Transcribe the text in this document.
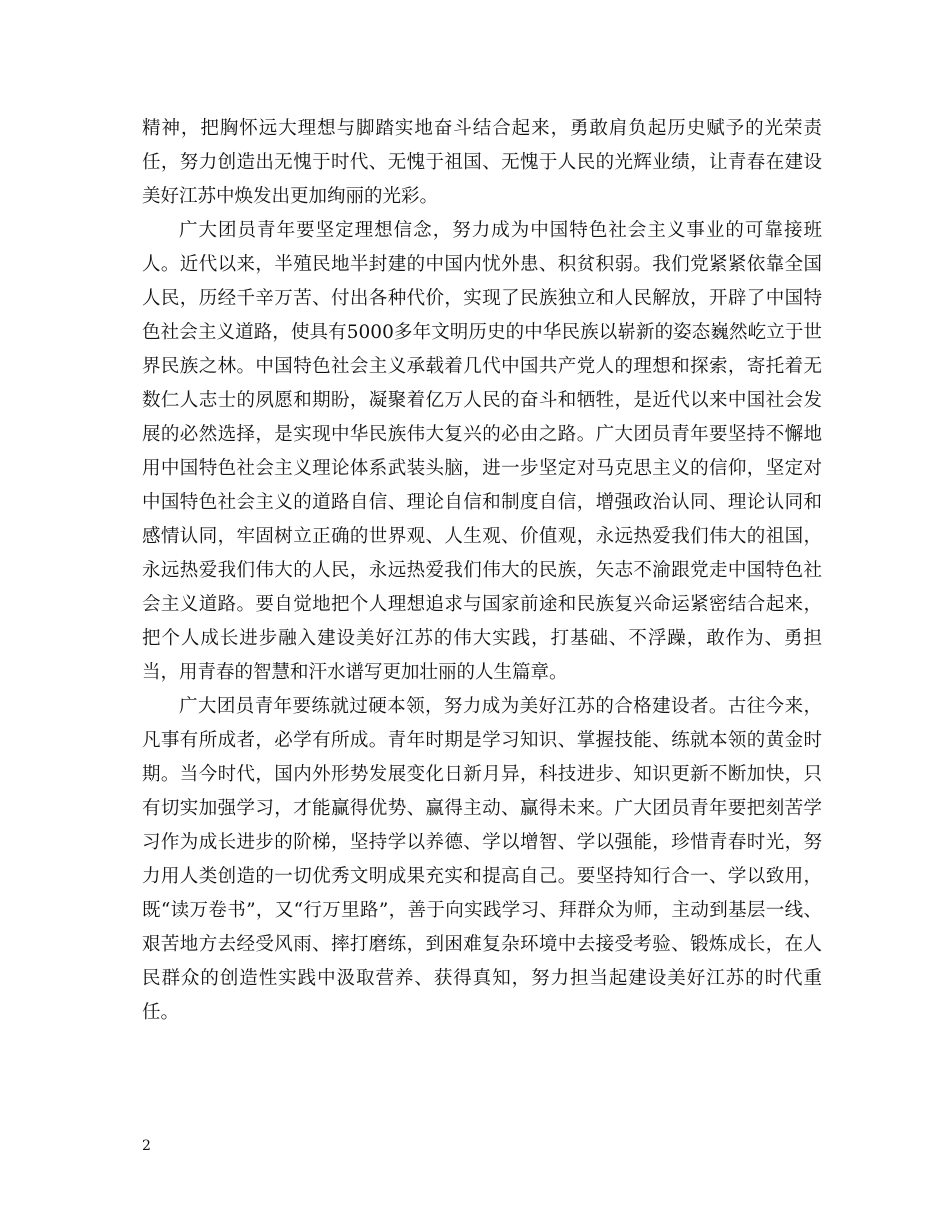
精神，把胸怀远大理想与脚踏实地奋斗结合起来，勇敢肩负起历史赋予的光荣责任，努力创造出无愧于时代、无愧于祖国、无愧于人民的光辉业绩，让青春在建设美好江苏中焕发出更加绚丽的光彩。

广大团员青年要坚定理想信念，努力成为中国特色社会主义事业的可靠接班人。近代以来，半殖民地半封建的中国内忧外患、积贫积弱。我们党紧紧依靠全国人民，历经千辛万苦、付出各种代价，实现了民族独立和人民解放，开辟了中国特色社会主义道路，使具有5000多年文明历史的中华民族以崭新的姿态巍然屹立于世界民族之林。中国特色社会主义承载着几代中国共产党人的理想和探索，寄托着无数仁人志士的夙愿和期盼，凝聚着亿万人民的奋斗和牺牲，是近代以来中国社会发展的必然选择，是实现中华民族伟大复兴的必由之路。广大团员青年要坚持不懈地用中国特色社会主义理论体系武装头脑，进一步坚定对马克思主义的信仰，坚定对中国特色社会主义的道路自信、理论自信和制度自信，增强政治认同、理论认同和感情认同，牢固树立正确的世界观、人生观、价值观，永远热爱我们伟大的祖国，永远热爱我们伟大的人民，永远热爱我们伟大的民族，矢志不渝跟党走中国特色社会主义道路。要自觉地把个人理想追求与国家前途和民族复兴命运紧密结合起来，把个人成长进步融入建设美好江苏的伟大实践，打基础、不浮躁，敢作为、勇担当，用青春的智慧和汗水谱写更加壮丽的人生篇章。

广大团员青年要练就过硬本领，努力成为美好江苏的合格建设者。古往今来，凡事有所成者，必学有所成。青年时期是学习知识、掌握技能、练就本领的黄金时期。当今时代，国内外形势发展变化日新月异，科技进步、知识更新不断加快，只有切实加强学习，才能赢得优势、赢得主动、赢得未来。广大团员青年要把刻苦学习作为成长进步的阶梯，坚持学以养德、学以增智、学以强能，珍惜青春时光，努力用人类创造的一切优秀文明成果充实和提高自己。要坚持知行合一、学以致用，既“读万卷书”，又“行万里路”，善于向实践学习、拜群众为师，主动到基层一线、艰苦地方去经受风雨、摔打磨练，到困难复杂环境中去接受考验、锻炼成长，在人民群众的创造性实践中汲取营养、获得真知，努力担当起建设美好江苏的时代重任。

2
